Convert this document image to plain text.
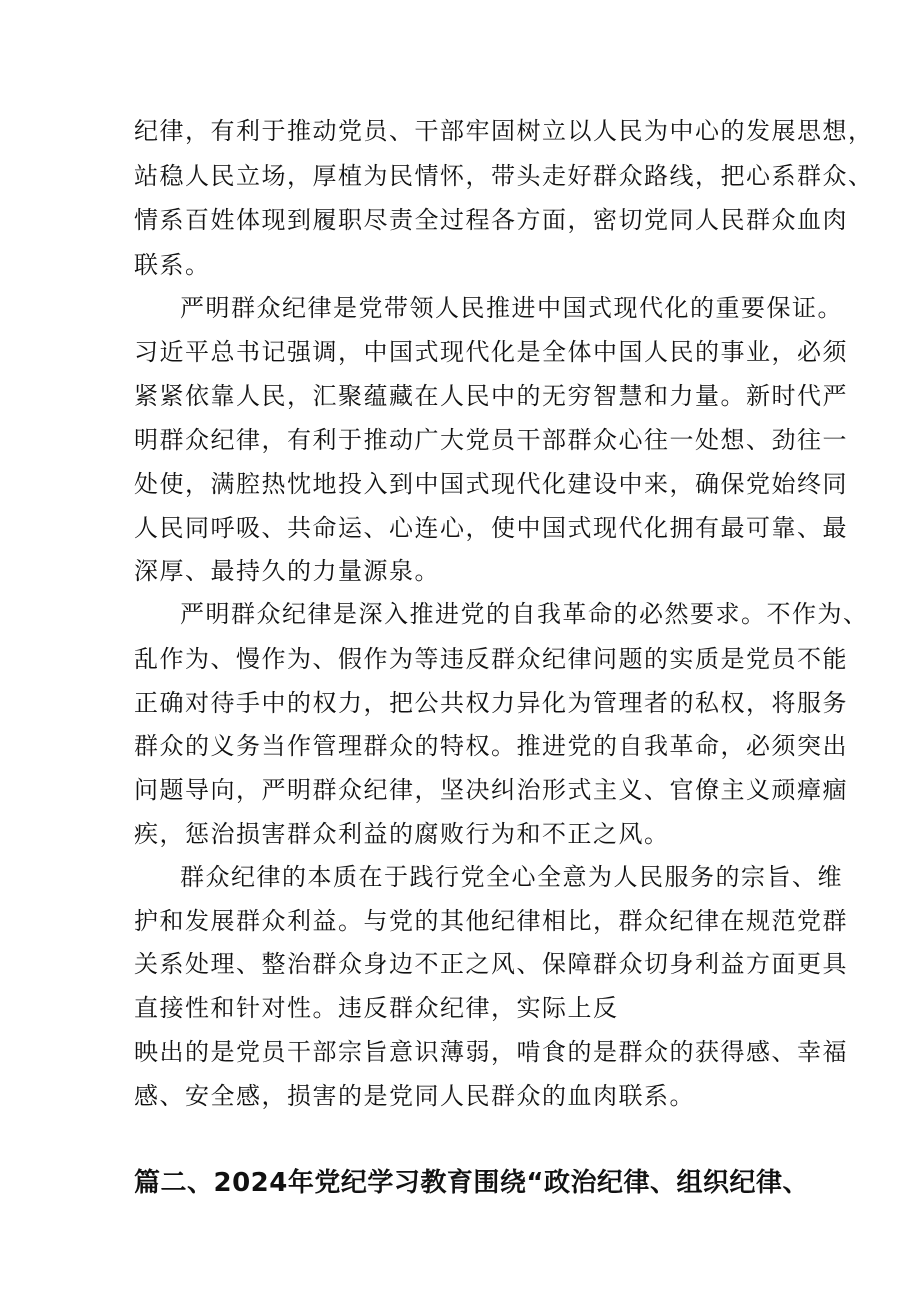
纪律，有利于推动党员、干部牢固树立以人民为中心的发展思想，
站稳人民立场，厚植为民情怀，带头走好群众路线，把心系群众、
情系百姓体现到履职尽责全过程各方面，密切党同人民群众血肉
联系。
严明群众纪律是党带领人民推进中国式现代化的重要保证。
习近平总书记强调，中国式现代化是全体中国人民的事业，必须
紧紧依靠人民，汇聚蕴藏在人民中的无穷智慧和力量。新时代严
明群众纪律，有利于推动广大党员干部群众心往一处想、劲往一
处使，满腔热忱地投入到中国式现代化建设中来，确保党始终同
人民同呼吸、共命运、心连心，使中国式现代化拥有最可靠、最
深厚、最持久的力量源泉。
严明群众纪律是深入推进党的自我革命的必然要求。不作为、
乱作为、慢作为、假作为等违反群众纪律问题的实质是党员不能
正确对待手中的权力，把公共权力异化为管理者的私权，将服务
群众的义务当作管理群众的特权。推进党的自我革命，必须突出
问题导向，严明群众纪律，坚决纠治形式主义、官僚主义顽瘴痼
疾，惩治损害群众利益的腐败行为和不正之风。
群众纪律的本质在于践行党全心全意为人民服务的宗旨、维
护和发展群众利益。与党的其他纪律相比，群众纪律在规范党群
关系处理、整治群众身边不正之风、保障群众切身利益方面更具
直接性和针对性。违反群众纪律，实际上反
映出的是党员干部宗旨意识薄弱，啃食的是群众的获得感、幸福
感、安全感，损害的是党同人民群众的血肉联系。
篇二、2024年党纪学习教育围绕“政治纪律、组织纪律、
